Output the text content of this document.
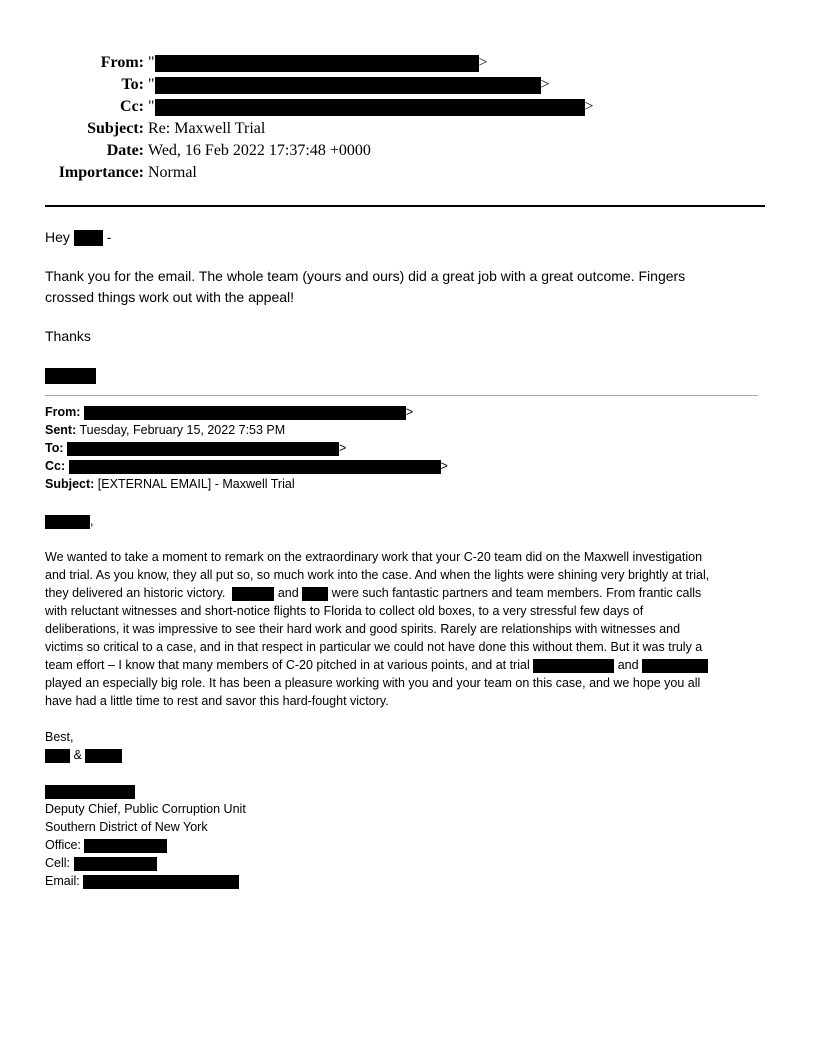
From: "	>
To: "	>
Cc: "	>
Subject: Re: Maxwell Trial
Date: Wed, 16 Feb 2022 17:37:48 +0000
Importance: Normal

Hey	-

Thank you for the email. The whole team (yours and ours) did a great job with a great outcome. Fingers
crossed things work out with the appeal!

Thanks

From:	>
Sent: Tuesday, February 15, 2022 7:53 PM
To:	>
Cc:	>
Subject: [EXTERNAL EMAIL] - Maxwell Trial
,
We wanted to take a moment to remark on the extraordinary work that your C-20 team did on the Maxwell investigation
and trial. As you know, they all put so, so much work into the case. And when the lights were shining very brightly at trial,
they delivered an historic victory.	and	were such fantastic partners and team members. From frantic calls
with reluctant witnesses and short-notice flights to Florida to collect old boxes, to a very stressful few days of
deliberations, it was impressive to see their hard work and good spirits. Rarely are relationships with witnesses and
victims so critical to a case, and in that respect in particular we could not have done this without them. But it was truly a
team effort – I know that many members of C-20 pitched in at various points, and at trial	and
played an especially big role. It has been a pleasure working with you and your team on this case, and we hope you all
have had a little time to rest and savor this hard-fought victory.
Best,
&
Deputy Chief, Public Corruption Unit
Southern District of New York
Office:
Cell:
Email:
